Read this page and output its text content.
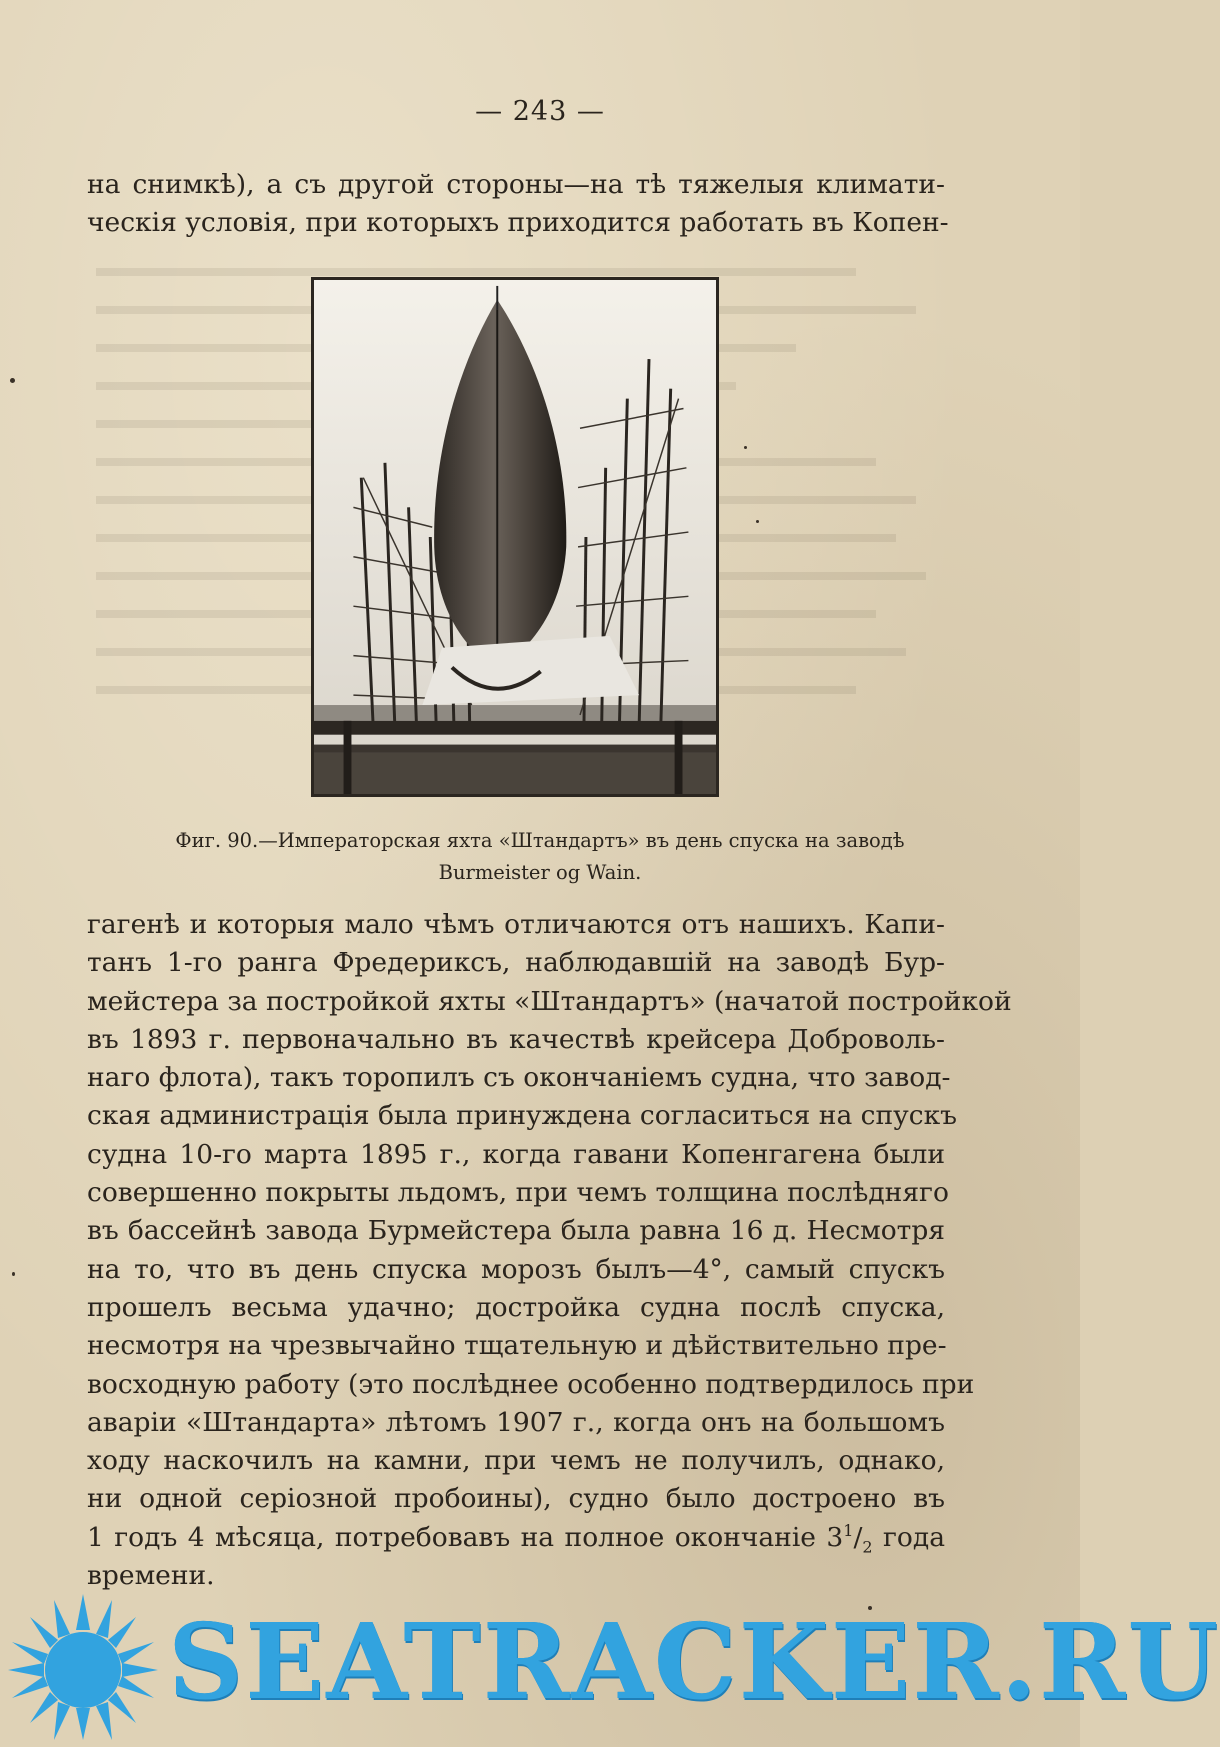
— 243 —
на снимкѣ), а съ другой стороны—на тѣ тяжелыя климати-
ческія условія, при которыхъ приходится работать въ Копен-
Фиг. 90.—Императорская яхта «Штандартъ» въ день спуска на заводѣ
Burmeister og Wain.
гагенѣ и которыя мало чѣмъ отличаются отъ нашихъ. Капи-
танъ 1-го ранга Фредериксъ, наблюдавшій на заводѣ Бур-
мейстера за постройкой яхты «Штандартъ» (начатой постройкой
въ 1893 г. первоначально въ качествѣ крейсера Доброволь-
наго флота), такъ торопилъ съ окончаніемъ судна, что завод-
ская администрація была принуждена согласиться на спускъ
судна 10-го марта 1895 г., когда гавани Копенгагена были
совершенно покрыты льдомъ, при чемъ толщина послѣдняго
въ бассейнѣ завода Бурмейстера была равна 16 д. Несмотря
на то, что въ день спуска морозъ былъ—4°, самый спускъ
прошелъ весьма удачно; достройка судна послѣ спуска,
несмотря на чрезвычайно тщательную и дѣйствительно пре-
восходную работу (это послѣднее особенно подтвердилось при
аваріи «Штандарта» лѣтомъ 1907 г., когда онъ на большомъ
ходу наскочилъ на камни, при чемъ не получилъ, однако,
ни одной серіозной пробоины), судно было достроено въ
1 годъ 4 мѣсяца, потребовавъ на полное окончаніе $3^1/_2$ года
времени.
SEATRACKER.RU
